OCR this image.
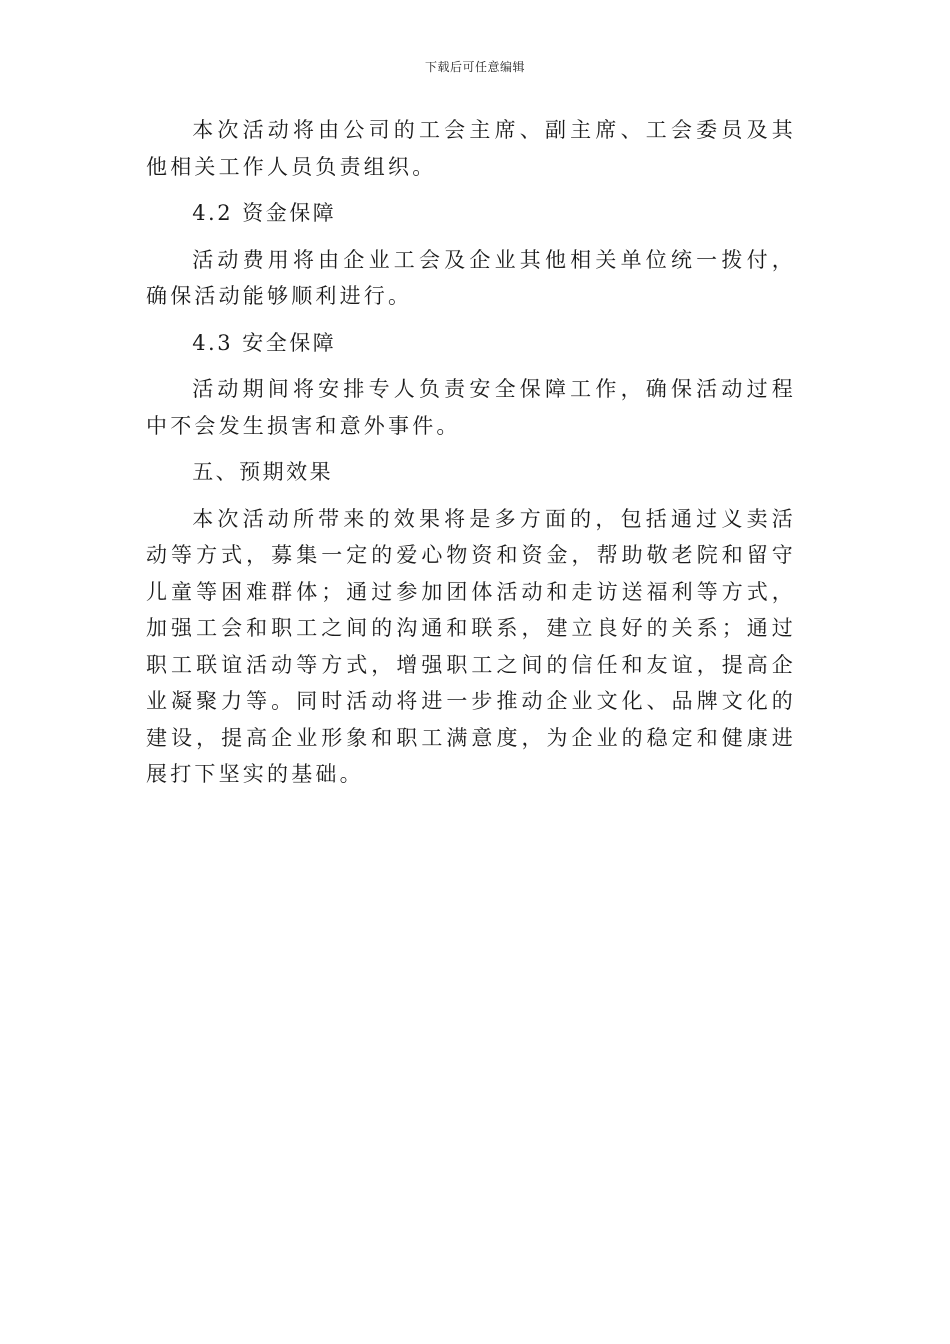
下载后可任意编辑

本次活动将由公司的工会主席、副主席、工会委员及其他相关工作人员负责组织。

4.2 资金保障

活动费用将由企业工会及企业其他相关单位统一拨付，确保活动能够顺利进行。

4.3 安全保障

活动期间将安排专人负责安全保障工作，确保活动过程中不会发生损害和意外事件。

五、预期效果

本次活动所带来的效果将是多方面的，包括通过义卖活动等方式，募集一定的爱心物资和资金，帮助敬老院和留守儿童等困难群体；通过参加团体活动和走访送福利等方式，加强工会和职工之间的沟通和联系，建立良好的关系；通过职工联谊活动等方式，增强职工之间的信任和友谊，提高企业凝聚力等。同时活动将进一步推动企业文化、品牌文化的建设，提高企业形象和职工满意度，为企业的稳定和健康进展打下坚实的基础。
